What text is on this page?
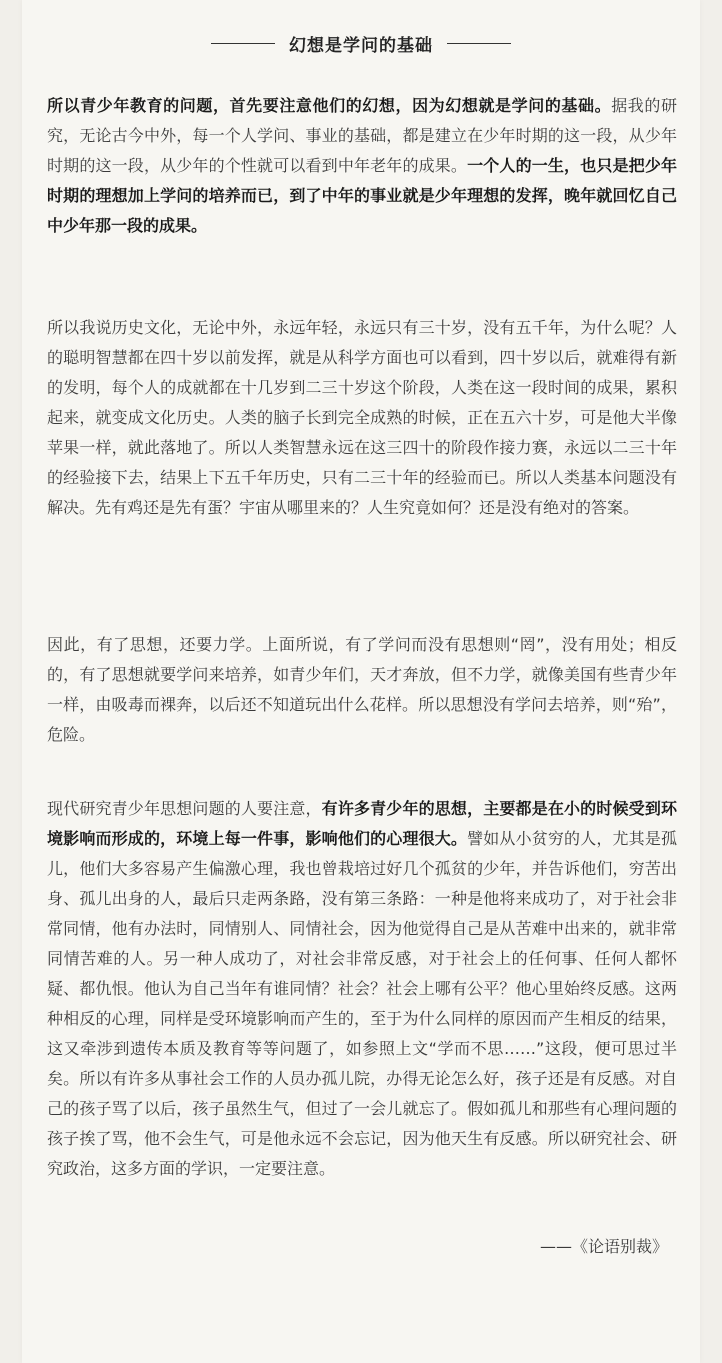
幻想是学问的基础

所以青少年教育的问题，首先要注意他们的幻想，因为幻想就是学问的基础。据我的研究，无论古今中外，每一个人学问、事业的基础，都是建立在少年时期的这一段，从少年时期的这一段，从少年的个性就可以看到中年老年的成果。一个人的一生，也只是把少年时期的理想加上学问的培养而已，到了中年的事业就是少年理想的发挥，晚年就回忆自己中少年那一段的成果。

所以我说历史文化，无论中外，永远年轻，永远只有三十岁，没有五千年，为什么呢？人的聪明智慧都在四十岁以前发挥，就是从科学方面也可以看到，四十岁以后，就难得有新的发明，每个人的成就都在十几岁到二三十岁这个阶段，人类在这一段时间的成果，累积起来，就变成文化历史。人类的脑子长到完全成熟的时候，正在五六十岁，可是他大半像苹果一样，就此落地了。所以人类智慧永远在这三四十的阶段作接力赛，永远以二三十年的经验接下去，结果上下五千年历史，只有二三十年的经验而已。所以人类基本问题没有解决。先有鸡还是先有蛋？宇宙从哪里来的？人生究竟如何？还是没有绝对的答案。

因此，有了思想，还要力学。上面所说，有了学问而没有思想则“罔”，没有用处；相反的，有了思想就要学问来培养，如青少年们，天才奔放，但不力学，就像美国有些青少年一样，由吸毒而裸奔，以后还不知道玩出什么花样。所以思想没有学问去培养，则“殆”，危险。

现代研究青少年思想问题的人要注意，有许多青少年的思想，主要都是在小的时候受到环境影响而形成的，环境上每一件事，影响他们的心理很大。譬如从小贫穷的人，尤其是孤儿，他们大多容易产生偏激心理，我也曾栽培过好几个孤贫的少年，并告诉他们，穷苦出身、孤儿出身的人，最后只走两条路，没有第三条路：一种是他将来成功了，对于社会非常同情，他有办法时，同情别人、同情社会，因为他觉得自己是从苦难中出来的，就非常同情苦难的人。另一种人成功了，对社会非常反感，对于社会上的任何事、任何人都怀疑、都仇恨。他认为自己当年有谁同情？社会？社会上哪有公平？他心里始终反感。这两种相反的心理，同样是受环境影响而产生的，至于为什么同样的原因而产生相反的结果，这又牵涉到遗传本质及教育等等问题了，如参照上文“学而不思……”这段，便可思过半矣。所以有许多从事社会工作的人员办孤儿院，办得无论怎么好，孩子还是有反感。对自己的孩子骂了以后，孩子虽然生气，但过了一会儿就忘了。假如孤儿和那些有心理问题的孩子挨了骂，他不会生气，可是他永远不会忘记，因为他天生有反感。所以研究社会、研究政治，这多方面的学识，一定要注意。

——《论语别裁》
